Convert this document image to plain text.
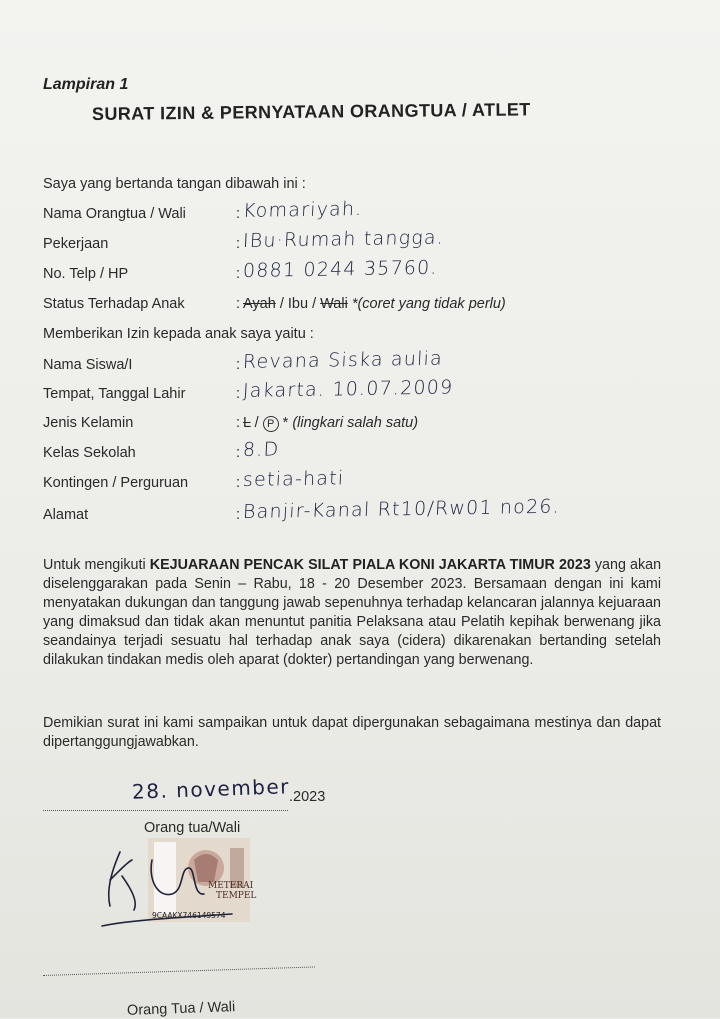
Lampiran 1
SURAT IZIN & PERNYATAAN ORANGTUA / ATLET
Saya yang bertanda tangan dibawah ini :
Nama Orangtua / Wali	: Komariyah.
Pekerjaan	: IBu·Rumah tangga.
No. Telp / HP	: 0881 0244 35760.
Status Terhadap Anak	: Ayah / Ibu / Wali *(coret yang tidak perlu)
Memberikan Izin kepada anak saya yaitu :
Nama Siswa/I	: Revana Siska aulia
Tempat, Tanggal Lahir	: Jakarta. 10.07.2009
Jenis Kelamin	: L / P * (lingkari salah satu)
Kelas Sekolah	: 8.D
Kontingen / Perguruan	: setia-hati
Alamat	: Banjir-Kanal Rt10/Rw01 no26.
Untuk mengikuti KEJUARAAN PENCAK SILAT PIALA KONI JAKARTA TIMUR 2023 yang akan diselenggarakan pada Senin – Rabu, 18 - 20 Desember 2023. Bersamaan dengan ini kami menyatakan dukungan dan tanggung jawab sepenuhnya terhadap kelancaran jalannya kejuaraan yang dimaksud dan tidak akan menuntut panitia Pelaksana atau Pelatih kepihak berwenang jika seandainya terjadi sesuatu hal terhadap anak saya (cidera) dikarenakan bertanding setelah dilakukan tindakan medis oleh aparat (dokter) pertandingan yang berwenang.
Demikian surat ini kami sampaikan untuk dapat dipergunakan sebagaimana mestinya dan dapat dipertanggungjawabkan.
28. november
.2023
Orang tua/Wali
METERAI
TEMPEL
9CAAKX746149574
Orang Tua / Wali
